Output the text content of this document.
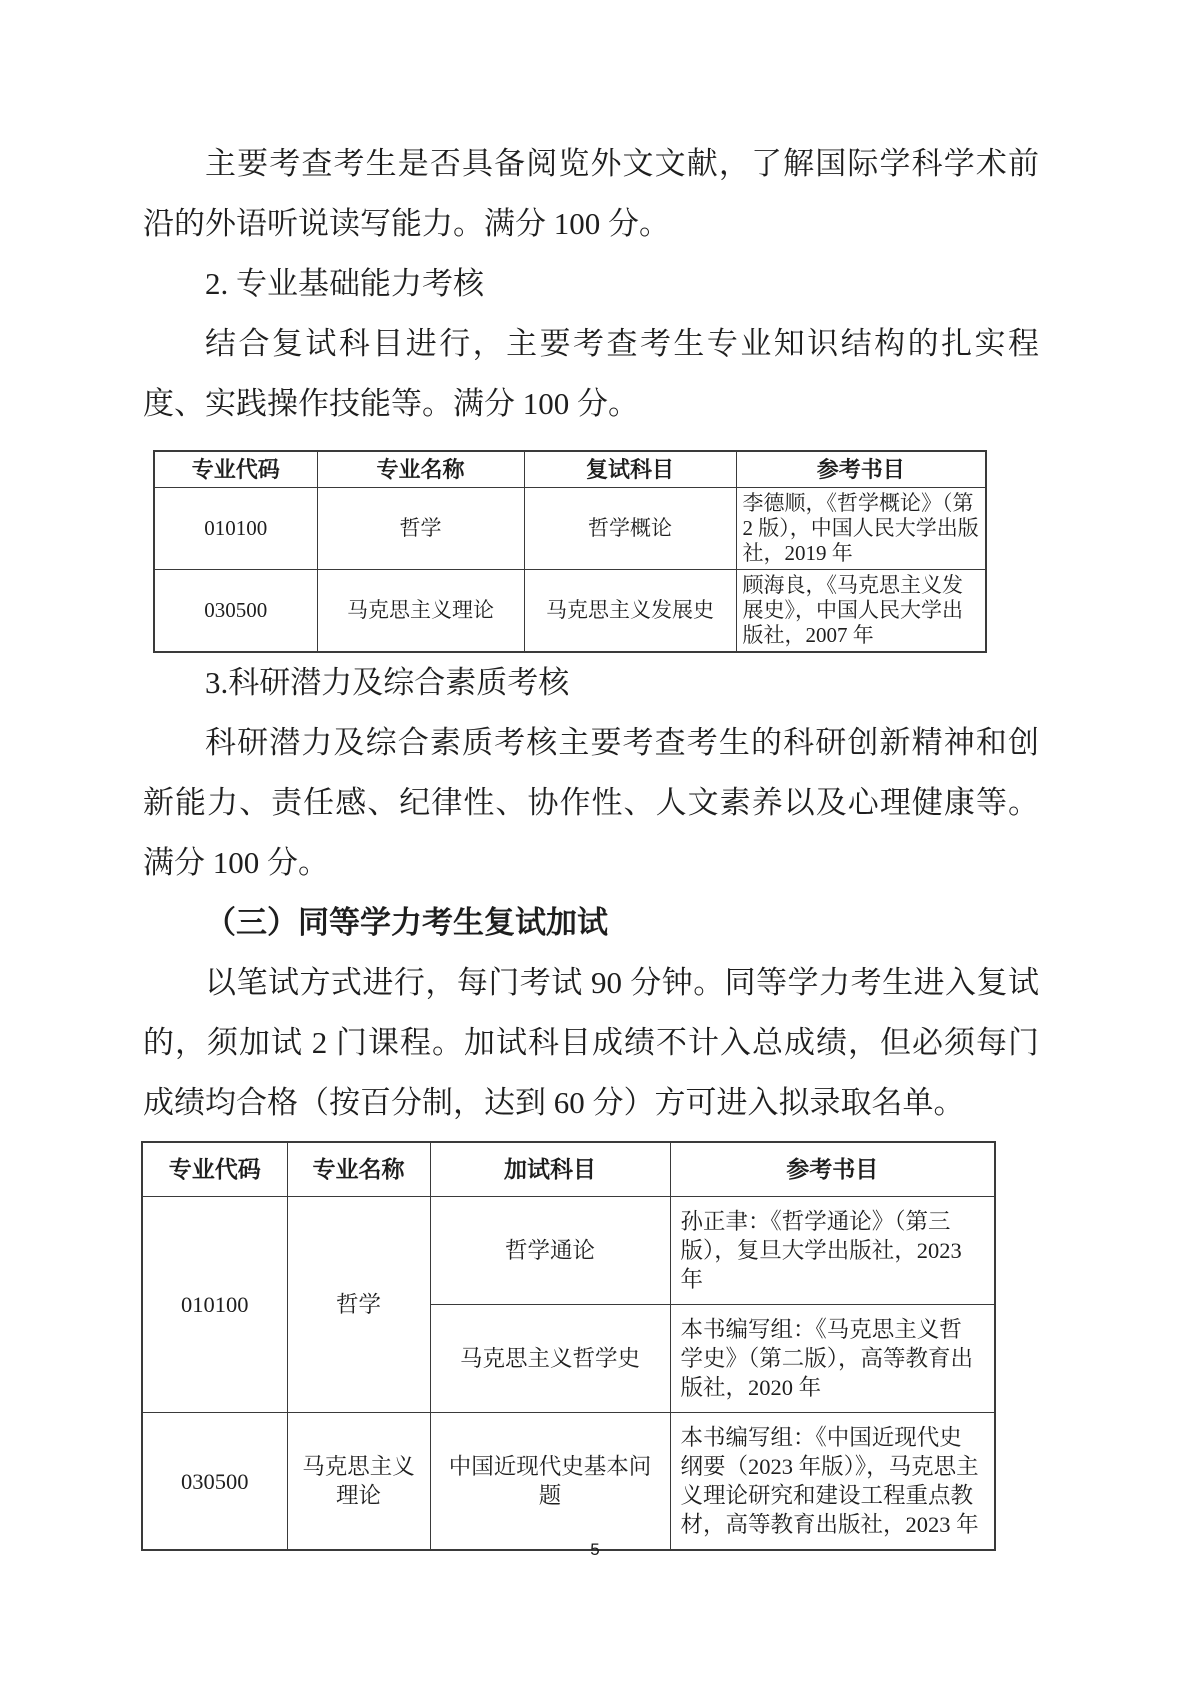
主要考查考生是否具备阅览外文文献，了解国际学科学术前沿的外语听说读写能力。满分 100 分。

2. 专业基础能力考核

结合复试科目进行，主要考查考生专业知识结构的扎实程度、实践操作技能等。满分 100 分。

专业代码	专业名称	复试科目	参考书目
010100	哲学	哲学概论	李德顺，《哲学概论》（第 2 版），中国人民大学出版社，2019 年
030500	马克思主义理论	马克思主义发展史	顾海良，《马克思主义发展史》，中国人民大学出版社，2007 年

3.科研潜力及综合素质考核

科研潜力及综合素质考核主要考查考生的科研创新精神和创新能力、责任感、纪律性、协作性、人文素养以及心理健康等。满分 100 分。

（三）同等学力考生复试加试

以笔试方式进行，每门考试 90 分钟。同等学力考生进入复试的，须加试 2 门课程。加试科目成绩不计入总成绩，但必须每门成绩均合格（按百分制，达到 60 分）方可进入拟录取名单。

专业代码	专业名称	加试科目	参考书目
010100	哲学	哲学通论	孙正聿：《哲学通论》（第三版），复旦大学出版社，2023 年
		马克思主义哲学史	本书编写组：《马克思主义哲学史》（第二版），高等教育出版社，2020 年
030500	马克思主义理论	中国近现代史基本问题	本书编写组：《中国近现代史纲要（2023 年版）》，马克思主义理论研究和建设工程重点教材，高等教育出版社，2023 年
5
